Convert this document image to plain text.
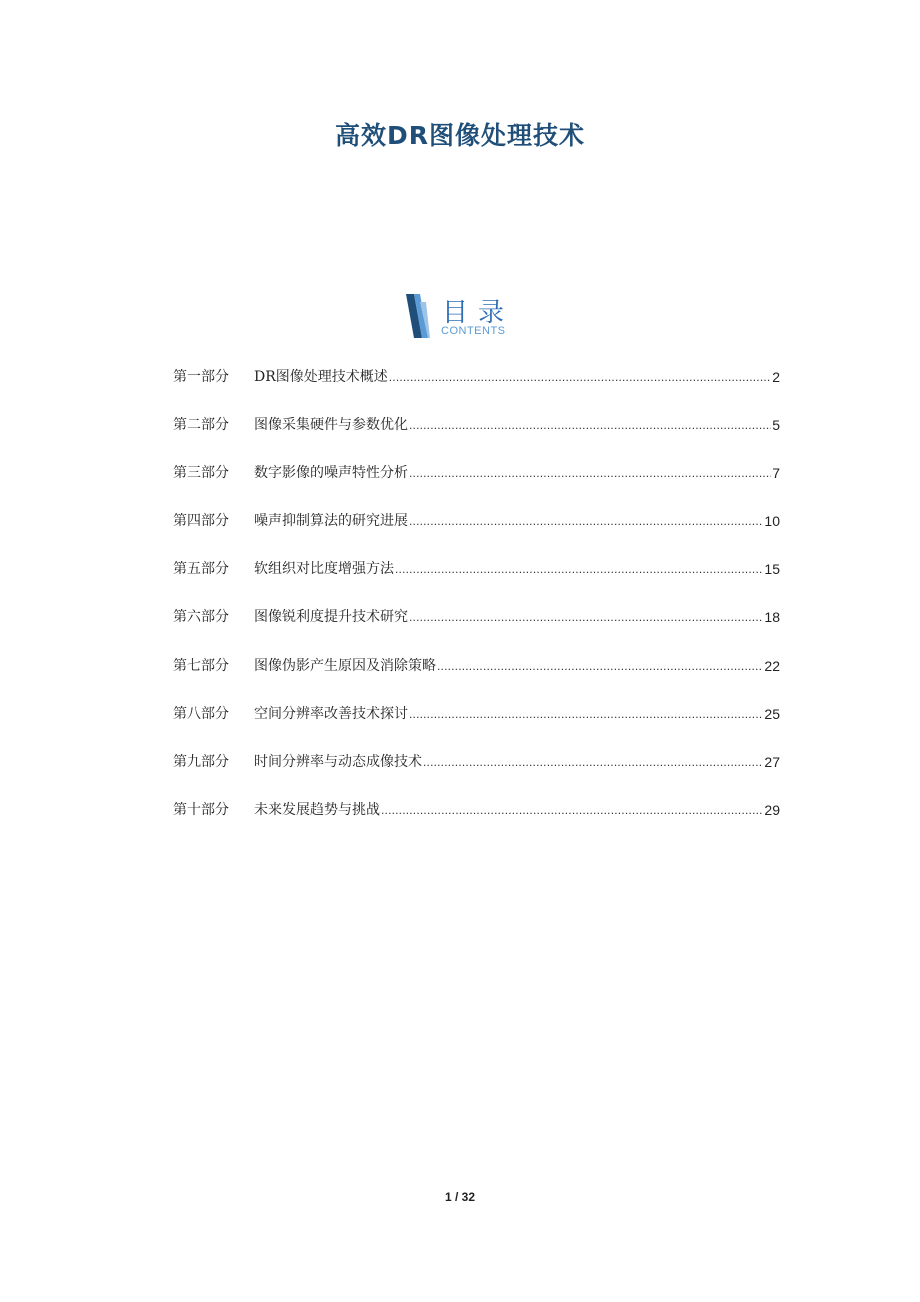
高效DR图像处理技术
目录
CONTENTS
第一部分	DR图像处理技术概述 .....	2
第二部分	图像采集硬件与参数优化 .....	5
第三部分	数字影像的噪声特性分析 .....	7
第四部分	噪声抑制算法的研究进展 .....	10
第五部分	软组织对比度增强方法 .....	15
第六部分	图像锐利度提升技术研究 .....	18
第七部分	图像伪影产生原因及消除策略 .....	22
第八部分	空间分辨率改善技术探讨 .....	25
第九部分	时间分辨率与动态成像技术 .....	27
第十部分	未来发展趋势与挑战 .....	29
1 / 32
